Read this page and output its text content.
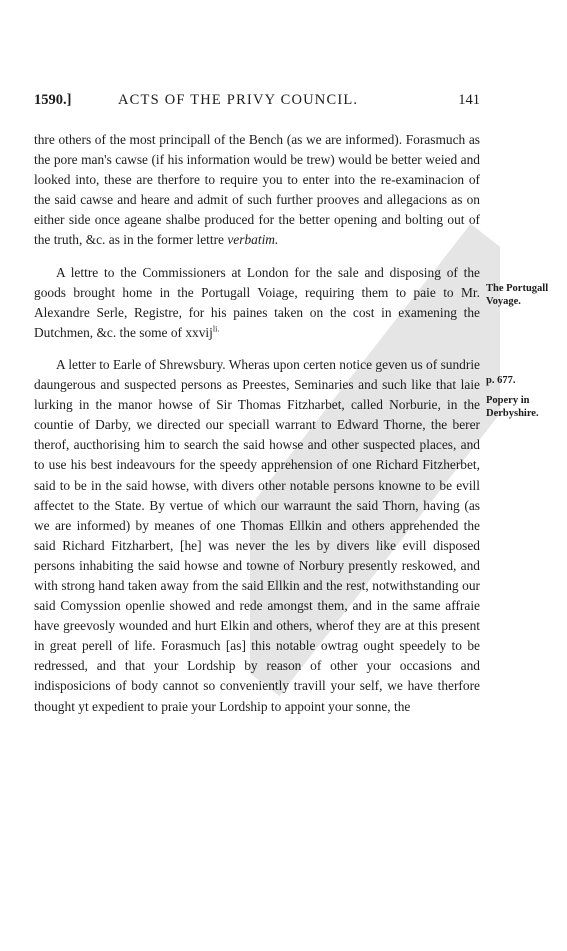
1590.]	ACTS OF THE PRIVY COUNCIL.	141

thre others of the most principall of the Bench (as we are informed). Forasmuch as the pore man's cawse (if his information would be trew) would be better weied and looked into, these are therfore to require you to enter into the re-examinacion of the said cawse and heare and admit of such further prooves and allegacions as on either side once ageane shalbe produced for the better opening and bolting out of the truth, &c. as in the former lettre verbatim.

A lettre to the Commissioners at London for the sale and disposing of the goods brought home in the Portugall Voiage, requiring them to paie to Mr. Alexandre Serle, Registre, for his paines taken on the cost in examening the Dutchmen, &c. the some of xxvij$^{li.}$

A letter to Earle of Shrewsbury. Wheras upon certen notice geven us of sundrie daungerous and suspected persons as Preestes, Seminaries and such like that laie lurking in the manor howse of Sir Thomas Fitzharbet, called Norburie, in the countie of Darby, we directed our speciall warrant to Edward Thorne, the berer therof, aucthorising him to search the said howse and other suspected places, and to use his best indeavours for the speedy apprehension of one Richard Fitzherbet, said to be in the said howse, with divers other notable persons knowne to be evill affectet to the State. By vertue of which our warraunt the said Thorn, having (as we are informed) by meanes of one Thomas Ellkin and others apprehended the said Richard Fitzharbert, [he] was never the les by divers like evill disposed persons inhabiting the said howse and towne of Norbury presently reskowed, and with strong hand taken away from the said Ellkin and the rest, notwithstanding our said Comyssion openlie showed and rede amongst them, and in the same affraie have greevosly wounded and hurt Elkin and others, wherof they are at this present in great perell of life. Forasmuch [as] this notable owtrag ought speedely to be redressed, and that your Lordship by reason of other your occasions and indisposicions of body cannot so conveniently travill your self, we have therfore thought yt expedient to praie your Lordship to appoint your sonne, the

The Portugall Voyage.
p. 677.
Popery in Derbyshire.
